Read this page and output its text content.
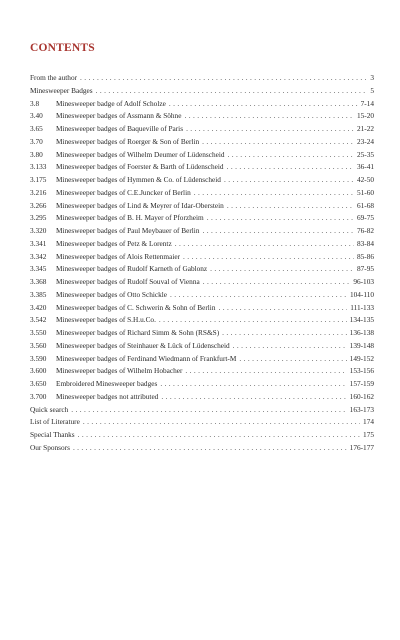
CONTENTS
From the author . . .	3
Minesweeper Badges . . .	5
3.8	Minesweeper badge of Adolf Scholze . . .	7-14
3.40	Minesweeper badges of Assmann & Söhne . . .	15-20
3.65	Minesweeper badges of Baqueville of Paris . . .	21-22
3.70	Minesweeper badges of Roerger & Son of Berlin . . .	23-24
3.80	Minesweeper badges of Wilhelm Deumer of Lüdenscheid . . .	25-35
3.133	Minesweeper badges of Foerster & Barth of Lüdenscheid . . .	36-41
3.175	Minesweeper badges of Hymmen & Co. of Lüdenscheid . . .	42-50
3.216	Minesweeper badges of C.E.Juncker of Berlin . . .	51-60
3.266	Minesweeper badges of Lind & Meyrer of Idar-Oberstein . . .	61-68
3.295	Minesweeper badges of B. H. Mayer of Pforzheim . . .	69-75
3.320	Minesweeper badges of Paul Meybauer of Berlin . . .	76-82
3.341	Minesweeper badges of Petz & Lorentz . . .	83-84
3.342	Minesweeper badges of Alois Rettenmaier . . .	85-86
3.345	Minesweeper badges of Rudolf Karneth of Gablonz . . .	87-95
3.368	Minesweeper badges of Rudolf Souval of Vienna . . .	96-103
3.385	Minesweeper badges of Otto Schickle . . .	104-110
3.420	Minesweeper badges of C. Schwerin & Sohn of Berlin . . .	111-133
3.542	Minesweeper badges of S.H.u.Co. . . .	134-135
3.550	Minesweeper badges of Richard Simm & Sohn (RS&S) . . .	136-138
3.560	Minesweeper badges of Steinhauer & Lück of Lüdenscheid . . .	139-148
3.590	Minesweeper badges of Ferdinand Wiedmann of Frankfurt-M . . .	149-152
3.600	Minesweeper badges of Wilhelm Hobacher . . .	153-156
3.650	Embroidered Minesweeper badges . . .	157-159
3.700	Minesweeper badges not attributed . . .	160-162
Quick search . . .	163-173
List of Literature . . .	174
Special Thanks . . .	175
Our Sponsors . . .	176-177
